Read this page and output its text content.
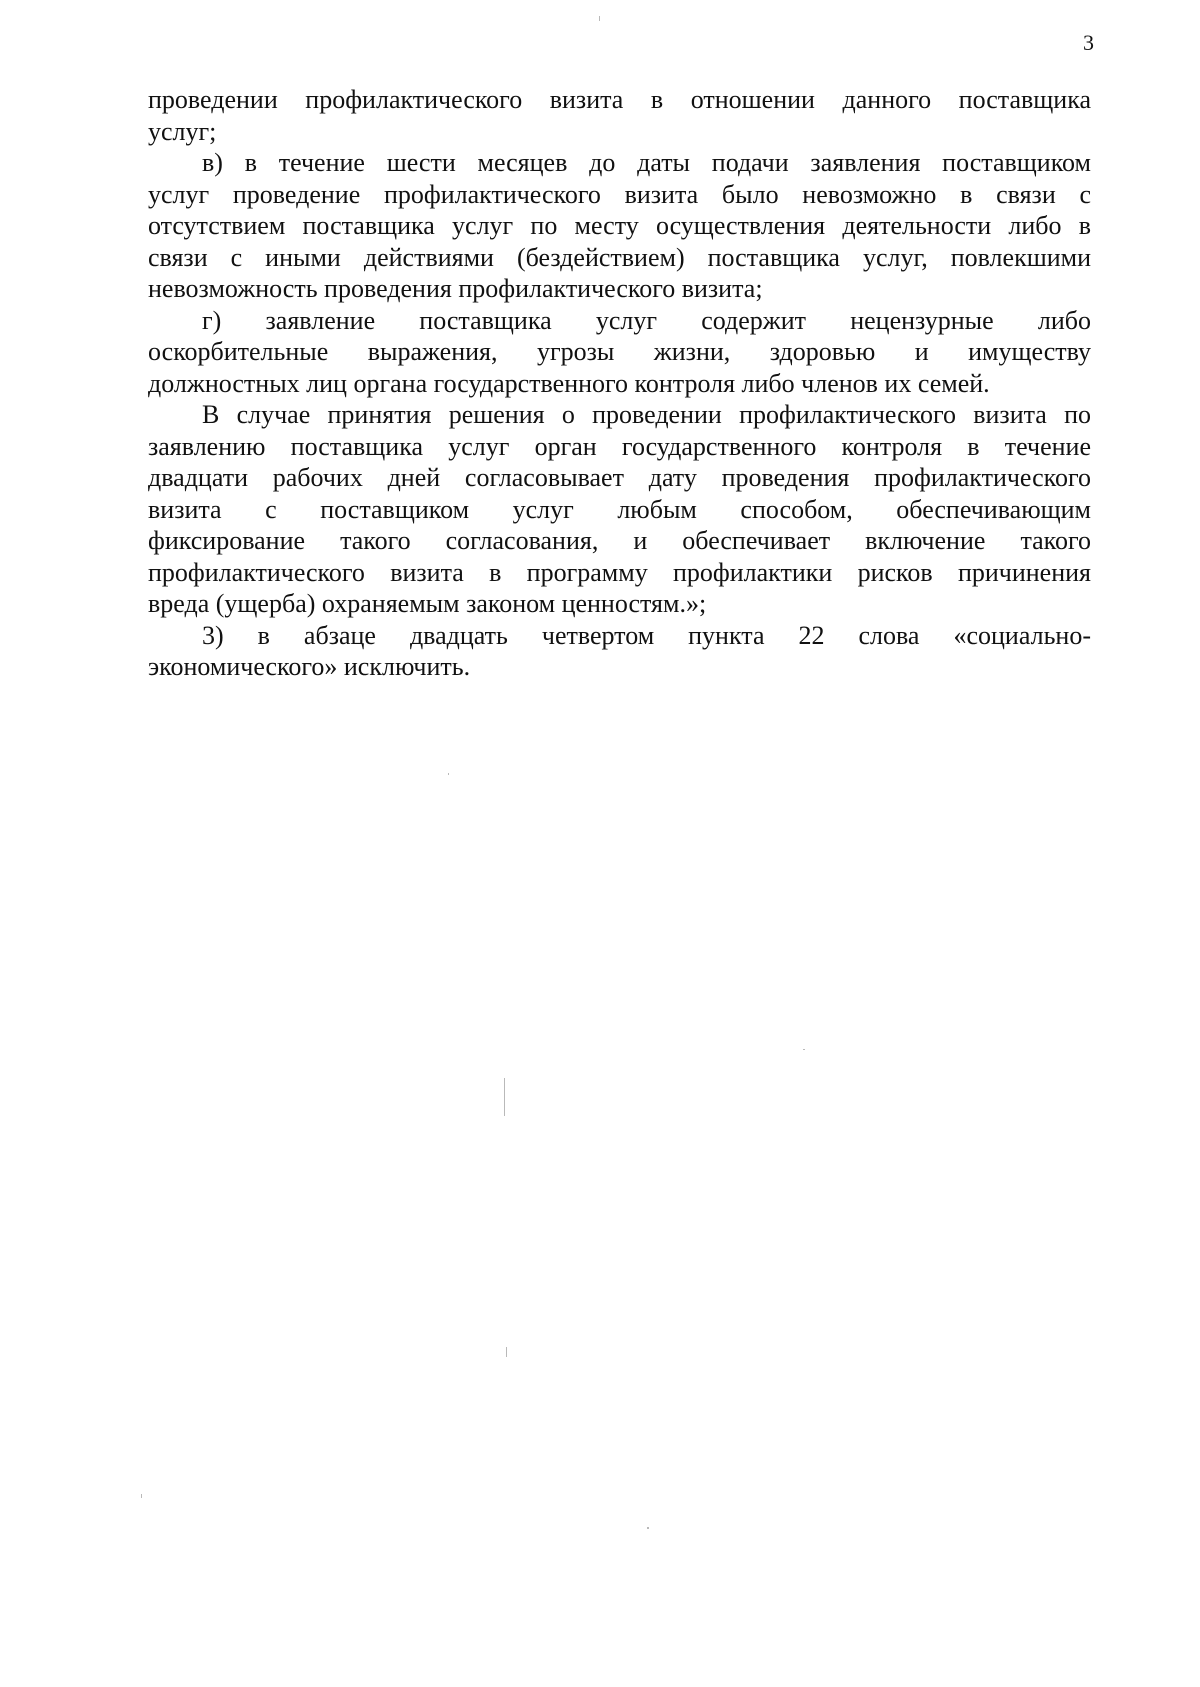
3

проведении профилактического визита в отношении данного поставщика
услуг;

в) в течение шести месяцев до даты подачи заявления поставщиком
услуг проведение профилактического визита было невозможно в связи с
отсутствием поставщика услуг по месту осуществления деятельности либо в
связи с иными действиями (бездействием) поставщика услуг, повлекшими
невозможность проведения профилактического визита;

г) заявление поставщика услуг содержит нецензурные либо
оскорбительные выражения, угрозы жизни, здоровью и имуществу
должностных лиц органа государственного контроля либо членов их семей.

В случае принятия решения о проведении профилактического визита по
заявлению поставщика услуг орган государственного контроля в течение
двадцати рабочих дней согласовывает дату проведения профилактического
визита с поставщиком услуг любым способом, обеспечивающим
фиксирование такого согласования, и обеспечивает включение такого
профилактического визита в программу профилактики рисков причинения
вреда (ущерба) охраняемым законом ценностям.»;

3) в абзаце двадцать четвертом пункта 22 слова «социально-
экономического» исключить.
